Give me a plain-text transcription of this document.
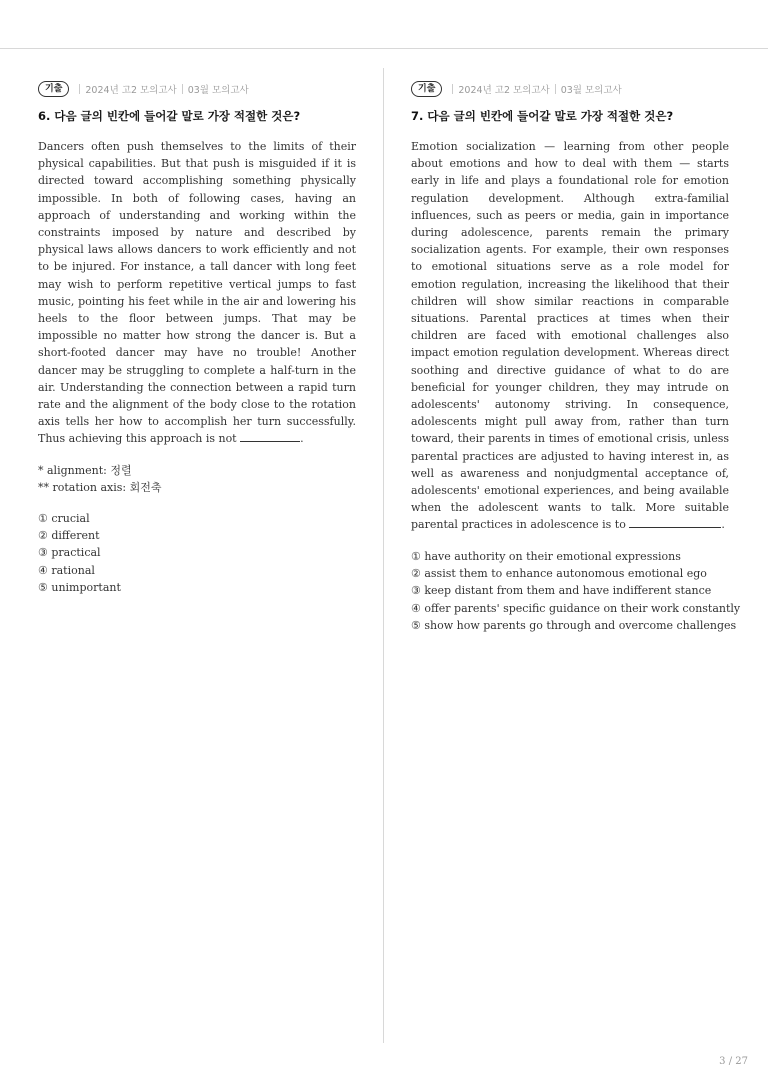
기출	2024년 고2 모의고사 03월 모의고사
6. 다음 글의 빈칸에 들어갈 말로 가장 적절한 것은?

Dancers often push themselves to the limits of their physical capabilities. But that push is misguided if it is directed toward accomplishing something physically impossible. In both of following cases, having an approach of understanding and working within the constraints imposed by nature and described by physical laws allows dancers to work efficiently and not to be injured. For instance, a tall dancer with long feet may wish to perform repetitive vertical jumps to fast music, pointing his feet while in the air and lowering his heels to the floor between jumps. That may be impossible no matter how strong the dancer is. But a short-footed dancer may have no trouble! Another dancer may be struggling to complete a half-turn in the air. Understanding the connection between a rapid turn rate and the alignment of the body close to the rotation axis tells her how to accomplish her turn successfully. Thus achieving this approach is not	.

* alignment: 정렬
** rotation axis: 회전축
① crucial
② different
③ practical
④ rational
⑤ unimportant
기출	2024년 고2 모의고사 03월 모의고사
7. 다음 글의 빈칸에 들어갈 말로 가장 적절한 것은?

Emotion socialization — learning from other people about emotions and how to deal with them — starts early in life and plays a foundational role for emotion regulation development. Although extra-familial influences, such as peers or media, gain in importance during adolescence, parents remain the primary socialization agents. For example, their own responses to emotional situations serve as a role model for emotion regulation, increasing the likelihood that their children will show similar reactions in comparable situations. Parental practices at times when their children are faced with emotional challenges also impact emotion regulation development. Whereas direct soothing and directive guidance of what to do are beneficial for younger children, they may intrude on adolescents' autonomy striving. In consequence, adolescents might pull away from, rather than turn toward, their parents in times of emotional crisis, unless parental practices are adjusted to having interest in, as well as awareness and nonjudgmental acceptance of, adolescents' emotional experiences, and being available when the adolescent wants to talk. More suitable parental practices in adolescence is to	.

① have authority on their emotional expressions
② assist them to enhance autonomous emotional ego
③ keep distant from them and have indifferent stance
④ offer parents' specific guidance on their work constantly
⑤ show how parents go through and overcome challenges
3 / 27
